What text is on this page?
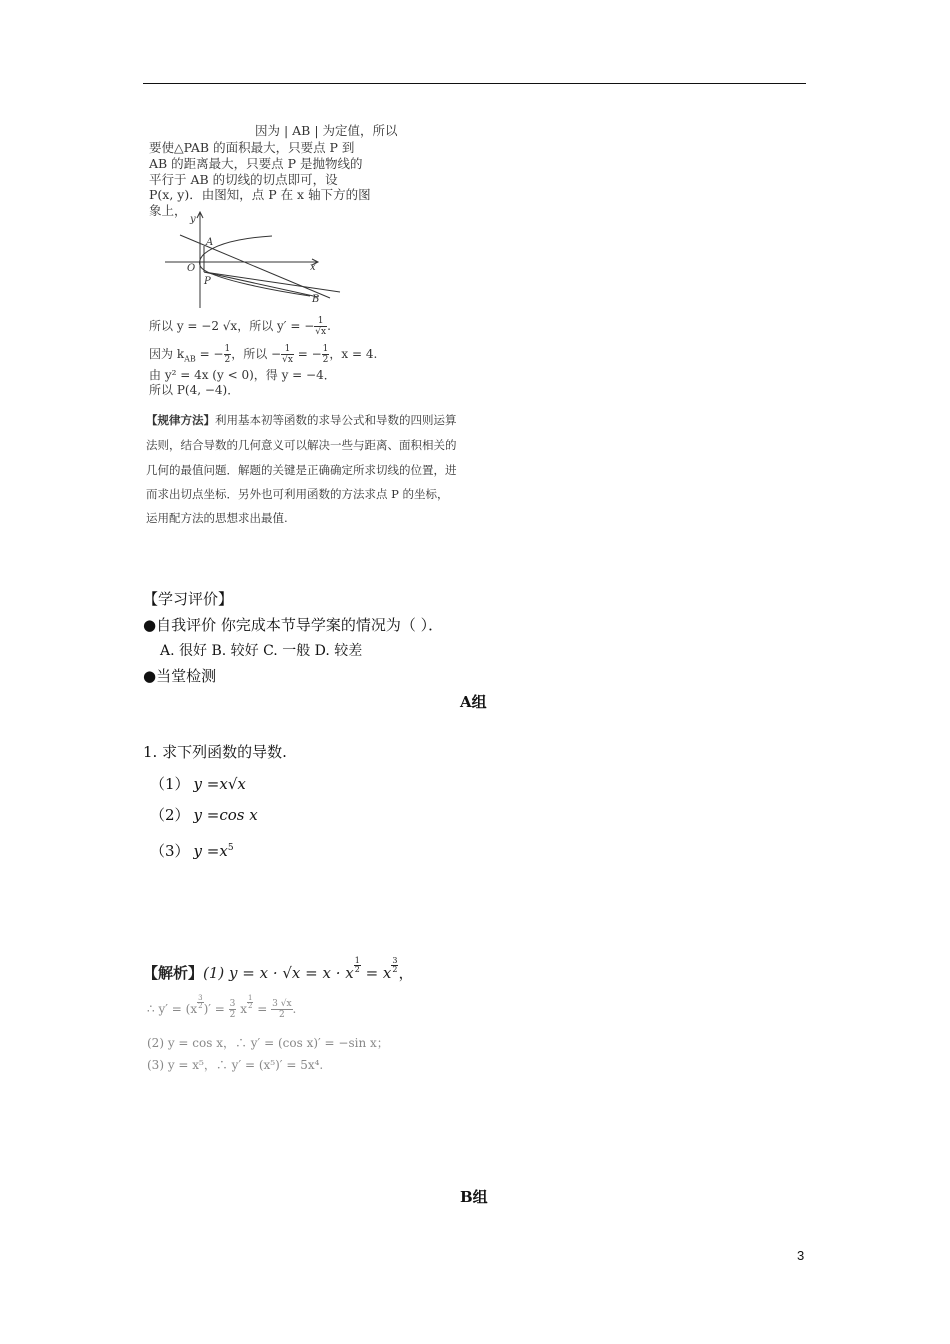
因为 | AB | 为定值，所以
要使△PAB 的面积最大，只要点 P 到
AB 的距离最大，只要点 P 是抛物线的
平行于 AB 的切线的切点即可，设
P(x, y)．由图知，点 P 在 x 轴下方的图
象上，
y
x
O
A
P
B
所以 y = −2 √x，所以 y′ = − $\frac{1}{√x}$ .
因为 $k_{AB}$ = − $\frac{1}{2}$ ，所以 − $\frac{1}{√x}$ = − $\frac{1}{2}$ ，x = 4.
由 y² = 4x (y < 0)，得 y = −4．
所以 P(4, −4)．
【规律方法】利用基本初等函数的求导公式和导数的四则运算
法则，结合导数的几何意义可以解决一些与距离、面积相关的
几何的最值问题．解题的关键是正确确定所求切线的位置，进
而求出切点坐标．另外也可利用函数的方法求点 P 的坐标，
运用配方法的思想求出最值.
【学习评价】
●自我评价 你完成本节导学案的情况为（ ）．
A. 很好 B. 较好 C. 一般 D. 较差
●当堂检测
A组
1. 求下列函数的导数.
（1） y =x√x
（2） y =cos x
（3） $y =x^5$
【解析】(1) y = x · √x = x · x $\frac{1}{2} = x \frac{3}{2}$ ，
∴ $y' = (x \frac{3}{2}$ )′ = $\frac{3}{2}$ x $\frac{1}{2} = \frac{3 √x}{2}$ .
(2) y = cos x，∴ y′ = (cos x)′ = −sin x；
(3) y = x⁵，∴ y′ = (x⁵)′ = 5x⁴.
B组
3
